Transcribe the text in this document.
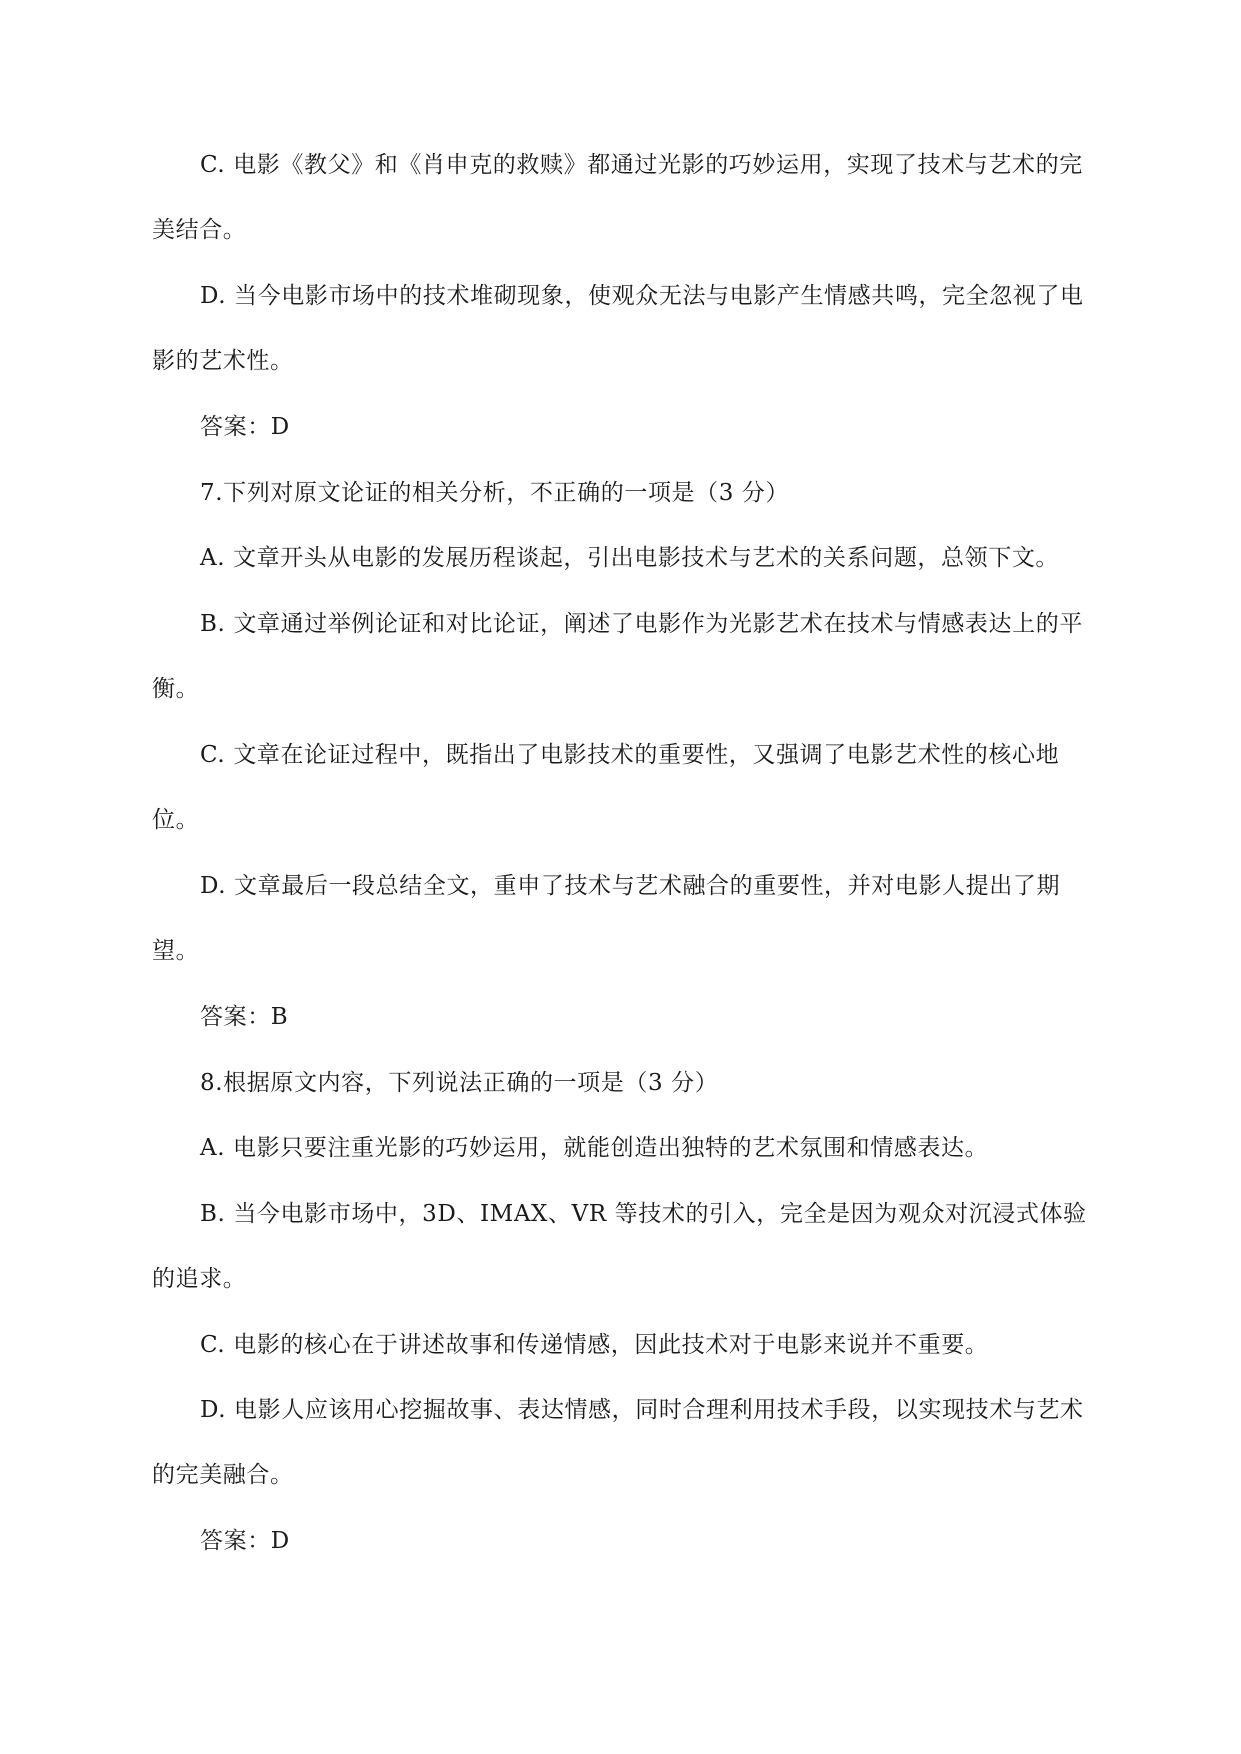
C. 电影《教父》和《肖申克的救赎》都通过光影的巧妙运用，实现了技术与艺术的完美结合。

D. 当今电影市场中的技术堆砌现象，使观众无法与电影产生情感共鸣，完全忽视了电影的艺术性。

答案：D

7.下列对原文论证的相关分析，不正确的一项是（3 分）

A. 文章开头从电影的发展历程谈起，引出电影技术与艺术的关系问题，总领下文。

B. 文章通过举例论证和对比论证，阐述了电影作为光影艺术在技术与情感表达上的平衡。

C. 文章在论证过程中，既指出了电影技术的重要性，又强调了电影艺术性的核心地位。

D. 文章最后一段总结全文，重申了技术与艺术融合的重要性，并对电影人提出了期望。

答案：B

8.根据原文内容，下列说法正确的一项是（3 分）

A. 电影只要注重光影的巧妙运用，就能创造出独特的艺术氛围和情感表达。

B. 当今电影市场中，3D、IMAX、VR 等技术的引入，完全是因为观众对沉浸式体验的追求。

C. 电影的核心在于讲述故事和传递情感，因此技术对于电影来说并不重要。

D. 电影人应该用心挖掘故事、表达情感，同时合理利用技术手段，以实现技术与艺术的完美融合。

答案：D
